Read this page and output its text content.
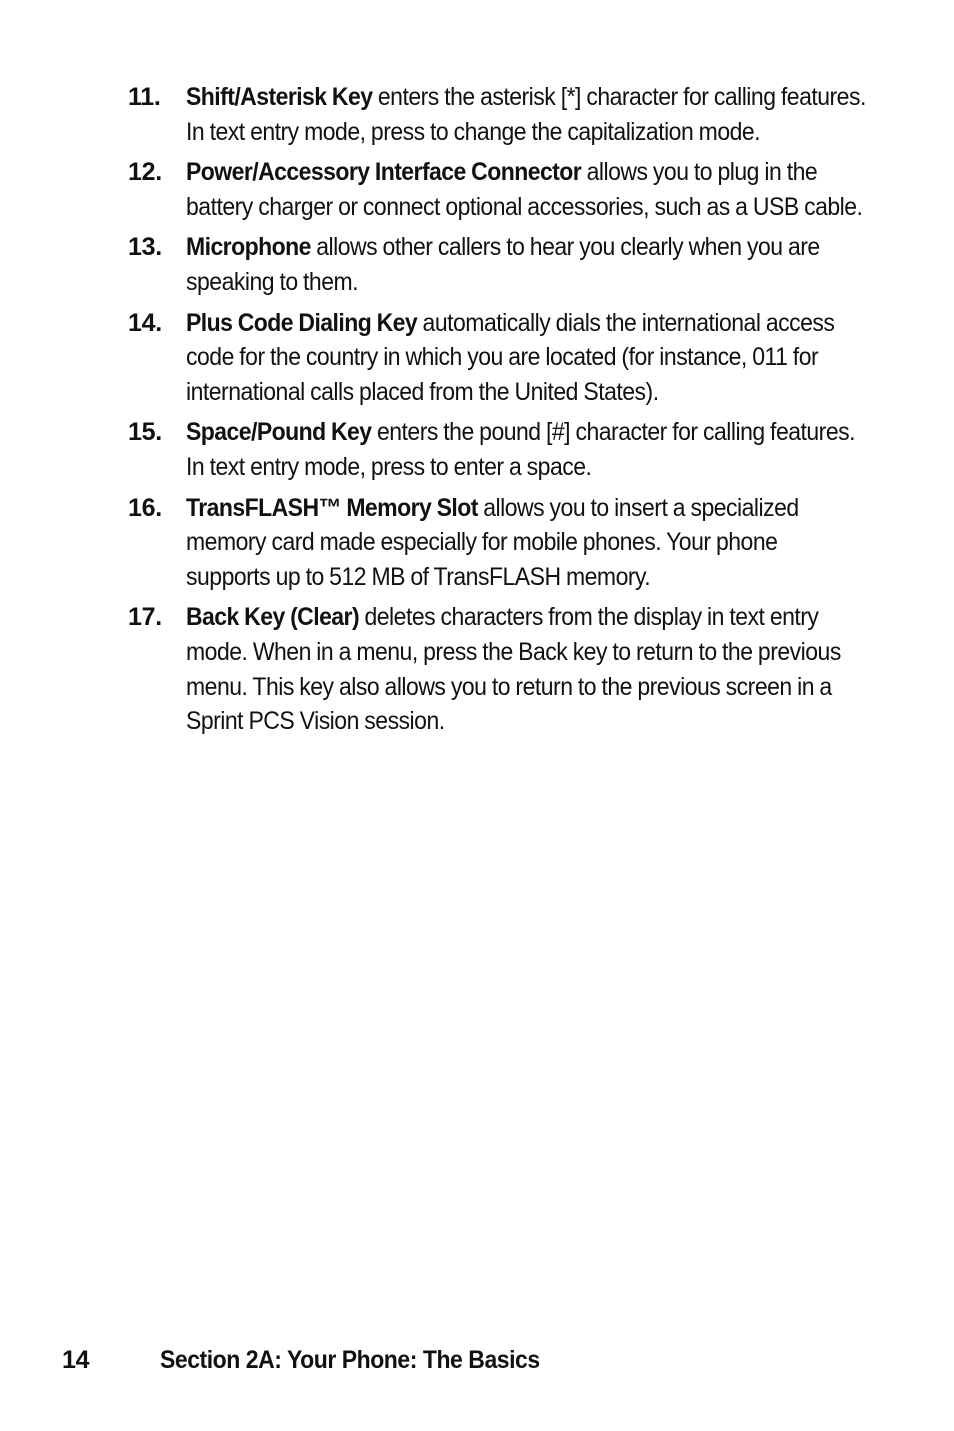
11. Shift/Asterisk Key enters the asterisk [*] character for calling features. In text entry mode, press to change the capitalization mode.
12. Power/Accessory Interface Connector allows you to plug in the battery charger or connect optional accessories, such as a USB cable.
13. Microphone allows other callers to hear you clearly when you are speaking to them.
14. Plus Code Dialing Key automatically dials the international access code for the country in which you are located (for instance, 011 for international calls placed from the United States).
15. Space/Pound Key enters the pound [#] character for calling features. In text entry mode, press to enter a space.
16. TransFLASH™ Memory Slot allows you to insert a specialized memory card made especially for mobile phones. Your phone supports up to 512 MB of TransFLASH memory.
17. Back Key (Clear) deletes characters from the display in text entry mode. When in a menu, press the Back key to return to the previous menu. This key also allows you to return to the previous screen in a Sprint PCS Vision session.
14	Section 2A: Your Phone: The Basics
